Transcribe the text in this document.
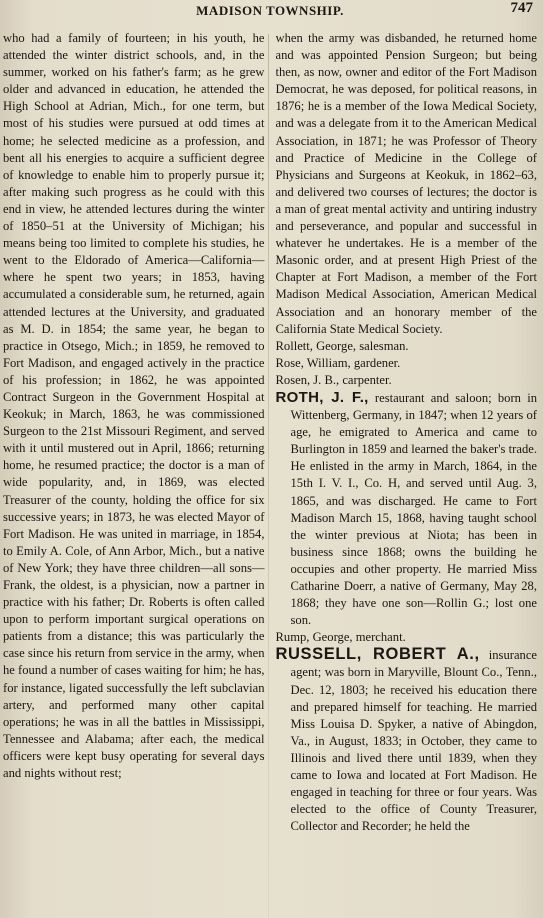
MADISON TOWNSHIP.	747

who had a family of fourteen; in his youth, he attended the winter district schools, and, in the summer, worked on his father's farm; as he grew older and advanced in education, he attended the High School at Adrian, Mich., for one term, but most of his studies were pursued at odd times at home; he selected medicine as a profession, and bent all his energies to acquire a sufficient degree of knowledge to enable him to properly pursue it; after making such progress as he could with this end in view, he attended lectures during the winter of 1850–51 at the University of Michigan; his means being too limited to complete his studies, he went to the Eldorado of America—California—where he spent two years; in 1853, having accumulated a considerable sum, he returned, again attended lectures at the University, and graduated as M. D. in 1854; the same year, he began to practice in Otsego, Mich.; in 1859, he removed to Fort Madison, and engaged actively in the practice of his profession; in 1862, he was appointed Contract Surgeon in the Government Hospital at Keokuk; in March, 1863, he was commissioned Surgeon to the 21st Missouri Regiment, and served with it until mustered out in April, 1866; returning home, he resumed practice; the doctor is a man of wide popularity, and, in 1869, was elected Treasurer of the county, holding the office for six successive years; in 1873, he was elected Mayor of Fort Madison. He was united in marriage, in 1854, to Emily A. Cole, of Ann Arbor, Mich., but a native of New York; they have three children—all sons—Frank, the oldest, is a physician, now a partner in practice with his father; Dr. Roberts is often called upon to perform important surgical operations on patients from a distance; this was particularly the case since his return from service in the army, when he found a number of cases waiting for him; he has, for instance, ligated successfully the left subclavian artery, and performed many other capital operations; he was in all the battles in Mississippi, Tennessee and Alabama; after each, the medical officers were kept busy operating for several days and nights without rest;

when the army was disbanded, he returned home and was appointed Pension Surgeon; but being then, as now, owner and editor of the Fort Madison Democrat, he was deposed, for political reasons, in 1876; he is a member of the Iowa Medical Society, and was a delegate from it to the American Medical Association, in 1871; he was Professor of Theory and Practice of Medicine in the College of Physicians and Surgeons at Keokuk, in 1862–63, and delivered two courses of lectures; the doctor is a man of great mental activity and untiring industry and perseverance, and popular and successful in whatever he undertakes. He is a member of the Masonic order, and at present High Priest of the Chapter at Fort Madison, a member of the Fort Madison Medical Association, American Medical Association and an honorary member of the California State Medical Society.

Rollett, George, salesman.

Rose, William, gardener.

Rosen, J. B., carpenter.

ROTH, J. F., restaurant and saloon; born in Wittenberg, Germany, in 1847; when 12 years of age, he emigrated to America and came to Burlington in 1859 and learned the baker's trade. He enlisted in the army in March, 1864, in the 15th I. V. I., Co. H, and served until Aug. 3, 1865, and was discharged. He came to Fort Madison March 15, 1868, having taught school the winter previous at Niota; has been in business since 1868; owns the building he occupies and other property. He married Miss Catharine Doerr, a native of Germany, May 28, 1868; they have one son—Rollin G.; lost one son.

Rump, George, merchant.

RUSSELL, ROBERT A., insurance agent; was born in Maryville, Blount Co., Tenn., Dec. 12, 1803; he received his education there and prepared himself for teaching. He married Miss Louisa D. Spyker, a native of Abingdon, Va., in August, 1833; in October, they came to Illinois and lived there until 1839, when they came to Iowa and located at Fort Madison. He engaged in teaching for three or four years. Was elected to the office of County Treasurer, Collector and Recorder; he held the
